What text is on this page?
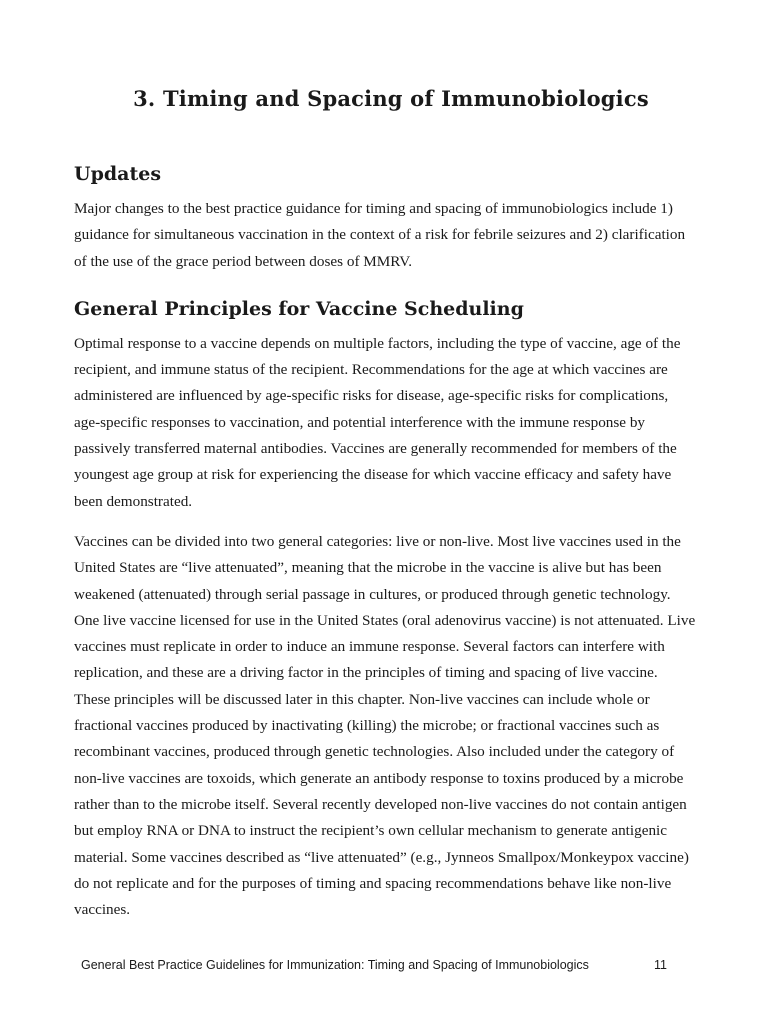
3. Timing and Spacing of Immunobiologics
Updates

Major changes to the best practice guidance for timing and spacing of immunobiologics include 1) guidance for simultaneous vaccination in the context of a risk for febrile seizures and 2) clarification of the use of the grace period between doses of MMRV.

General Principles for Vaccine Scheduling

Optimal response to a vaccine depends on multiple factors, including the type of vaccine, age of the recipient, and immune status of the recipient. Recommendations for the age at which vaccines are administered are influenced by age-specific risks for disease, age-specific risks for complications, age-specific responses to vaccination, and potential interference with the immune response by passively transferred maternal antibodies. Vaccines are generally recommended for members of the youngest age group at risk for experiencing the disease for which vaccine efficacy and safety have been demonstrated.

Vaccines can be divided into two general categories: live or non-live. Most live vaccines used in the United States are “live attenuated”, meaning that the microbe in the vaccine is alive but has been weakened (attenuated) through serial passage in cultures, or produced through genetic technology. One live vaccine licensed for use in the United States (oral adenovirus vaccine) is not attenuated. Live vaccines must replicate in order to induce an immune response. Several factors can interfere with replication, and these are a driving factor in the principles of timing and spacing of live vaccine. These principles will be discussed later in this chapter. Non-live vaccines can include whole or fractional vaccines produced by inactivating (killing) the microbe; or fractional vaccines such as recombinant vaccines, produced through genetic technologies. Also included under the category of non-live vaccines are toxoids, which generate an antibody response to toxins produced by a microbe rather than to the microbe itself. Several recently developed non-live vaccines do not contain antigen but employ RNA or DNA to instruct the recipient’s own cellular mechanism to generate antigenic material. Some vaccines described as “live attenuated” (e.g., Jynneos Smallpox/Monkeypox vaccine) do not replicate and for the purposes of timing and spacing recommendations behave like non-live vaccines.

General Best Practice Guidelines for Immunization: Timing and Spacing of Immunobiologics	11
